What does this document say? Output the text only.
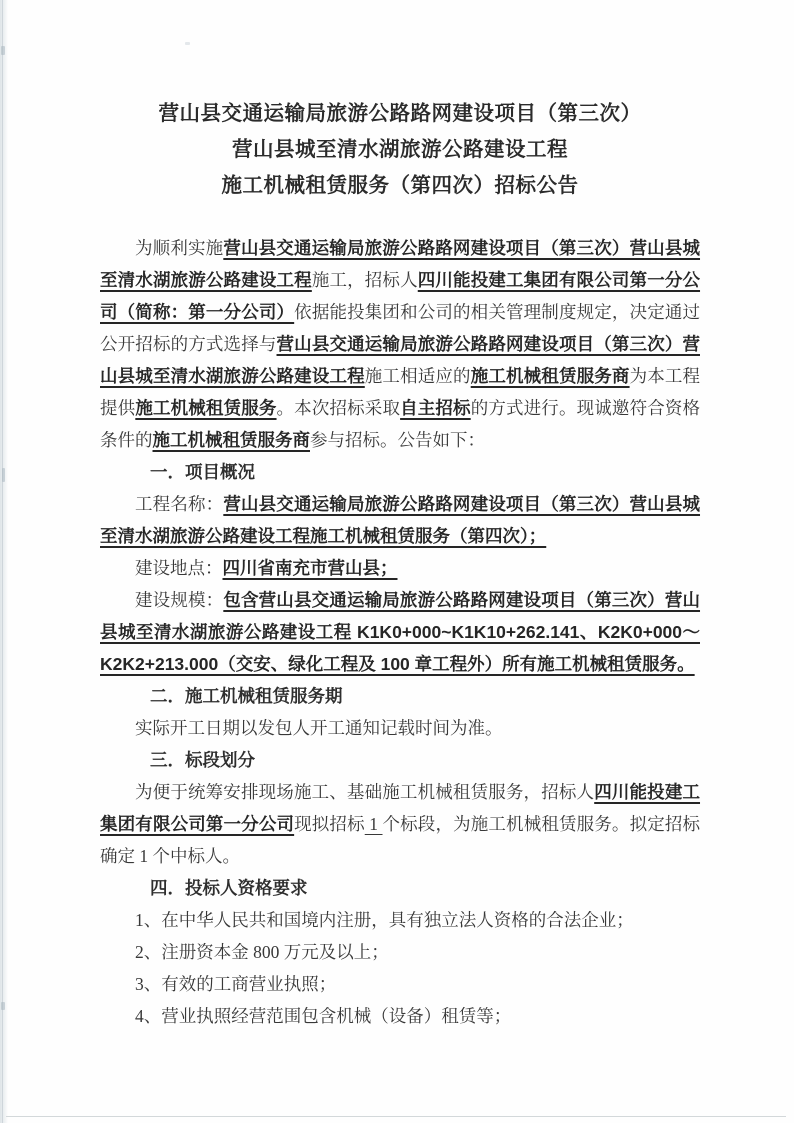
营山县交通运输局旅游公路路网建设项目（第三次）
营山县城至清水湖旅游公路建设工程
施工机械租赁服务（第四次）招标公告

为顺利实施营山县交通运输局旅游公路路网建设项目（第三次）营山县城至清水湖旅游公路建设工程施工，招标人四川能投建工集团有限公司第一分公司（简称：第一分公司）依据能投集团和公司的相关管理制度规定，决定通过公开招标的方式选择与营山县交通运输局旅游公路路网建设项目（第三次）营山县城至清水湖旅游公路建设工程施工相适应的施工机械租赁服务商为本工程提供施工机械租赁服务。本次招标采取自主招标的方式进行。现诚邀符合资格条件的施工机械租赁服务商参与招标。公告如下：

一．项目概况

工程名称：营山县交通运输局旅游公路路网建设项目（第三次）营山县城至清水湖旅游公路建设工程施工机械租赁服务（第四次）；

建设地点：四川省南充市营山县；

建设规模：包含营山县交通运输局旅游公路路网建设项目（第三次）营山县城至清水湖旅游公路建设工程 K1K0+000~K1K10+262.141、K2K0+000～K2K2+213.000（交安、绿化工程及 100 章工程外）所有施工机械租赁服务。

二．施工机械租赁服务期

实际开工日期以发包人开工通知记载时间为准。

三．标段划分

为便于统筹安排现场施工、基础施工机械租赁服务，招标人四川能投建工集团有限公司第一分公司现拟招标 1 个标段，为施工机械租赁服务。拟定招标确定 1 个中标人。

四．投标人资格要求

1、在中华人民共和国境内注册，具有独立法人资格的合法企业；

2、注册资本金 800 万元及以上；

3、有效的工商营业执照；

4、营业执照经营范围包含机械（设备）租赁等；
